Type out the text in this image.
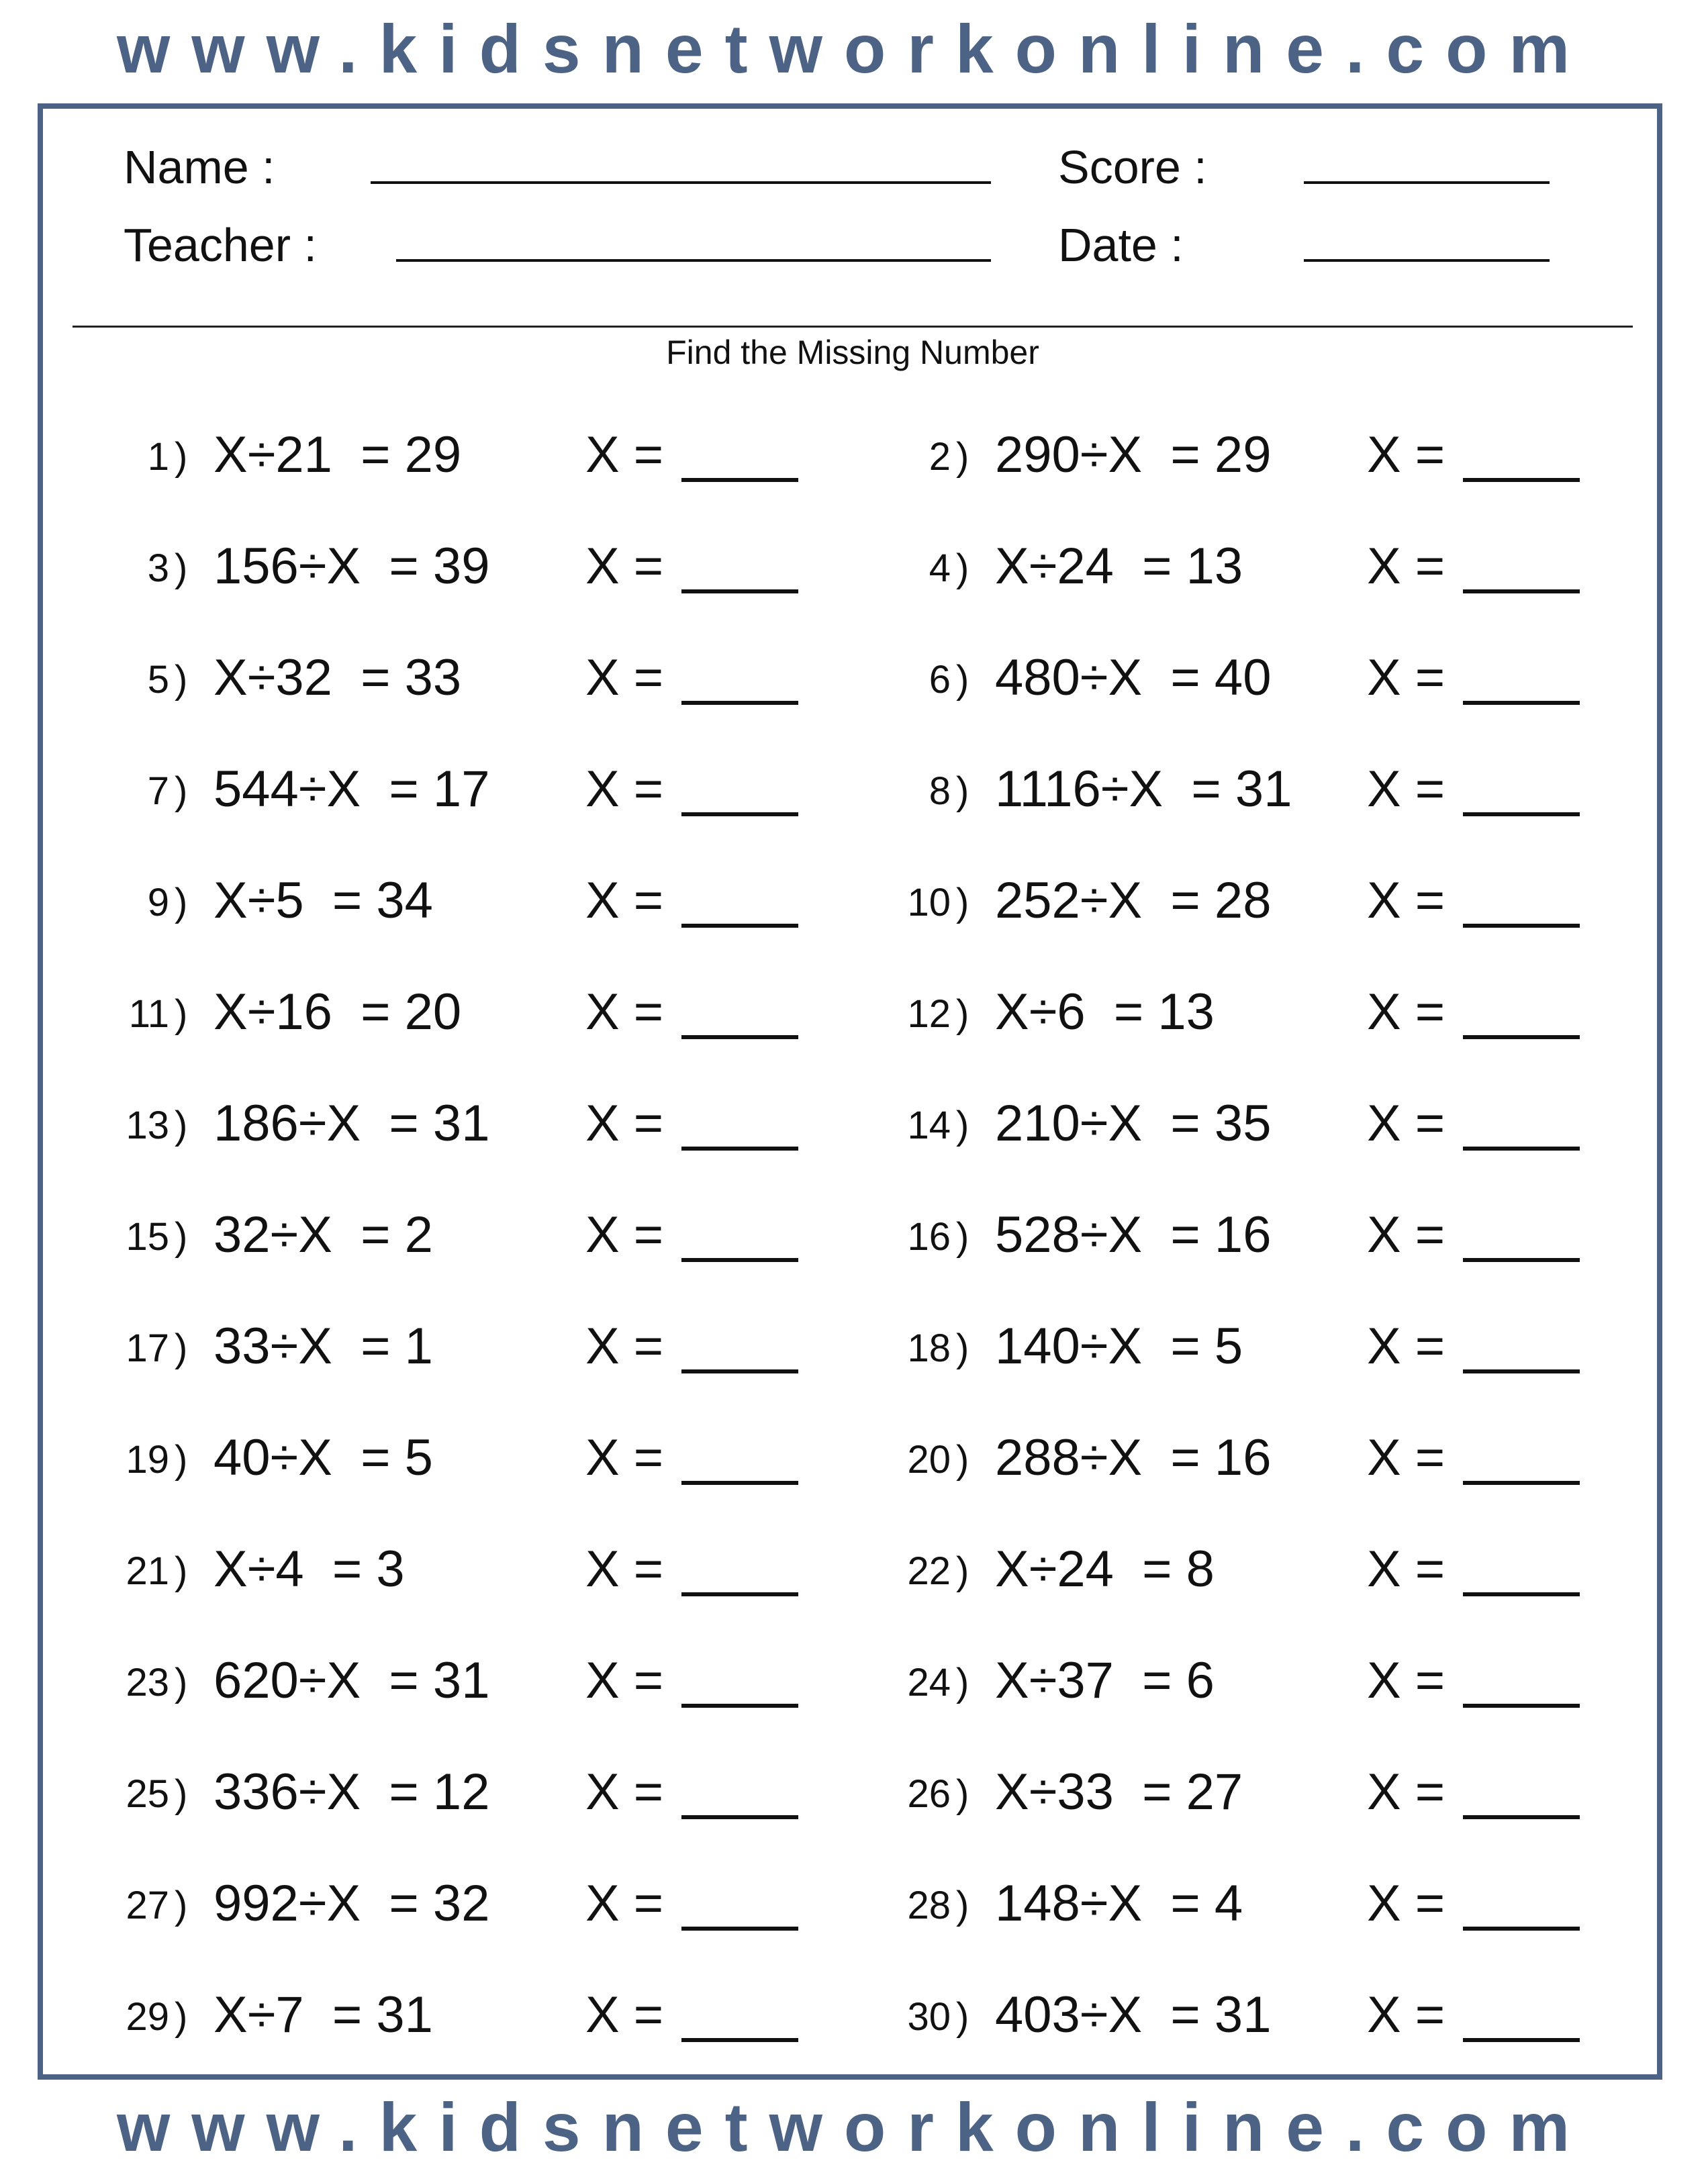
www.kidsnetworkonline.com
Name :
Teacher :
Score :
Date :
Find the Missing Number
1 ) X÷21  = 29 X =	2 ) 290÷X  = 29 X =
3 ) 156÷X  = 39 X =	4 ) X÷24  = 13 X =
5 ) X÷32  = 33 X =	6 ) 480÷X  = 40 X =
7 ) 544÷X  = 17 X =	8 ) 1116÷X  = 31 X =
9 ) X÷5  = 34	X =	10 ) 252÷X  = 28 X =
11 ) X÷16  = 20 X =	12 ) X÷6  = 13	X =
13 ) 186÷X  = 31 X =	14 ) 210÷X  = 35 X =
15 ) 32÷X  = 2	X =	16 ) 528÷X  = 16 X =
17 ) 33÷X  = 1	X =	18 ) 140÷X  = 5 X =
19 ) 40÷X  = 5	X =	20 ) 288÷X  = 16 X =
21 ) X÷4  = 3	X =	22 ) X÷24  = 8	X =
23 ) 620÷X  = 31 X =	24 ) X÷37  = 6	X =
25 ) 336÷X  = 12 X =	26 ) X÷33  = 27 X =
27 ) 992÷X  = 32 X =	28 ) 148÷X  = 4 X =
29 ) X÷7  = 31	X =	30 ) 403÷X  = 31 X =
www.kidsnetworkonline.com
